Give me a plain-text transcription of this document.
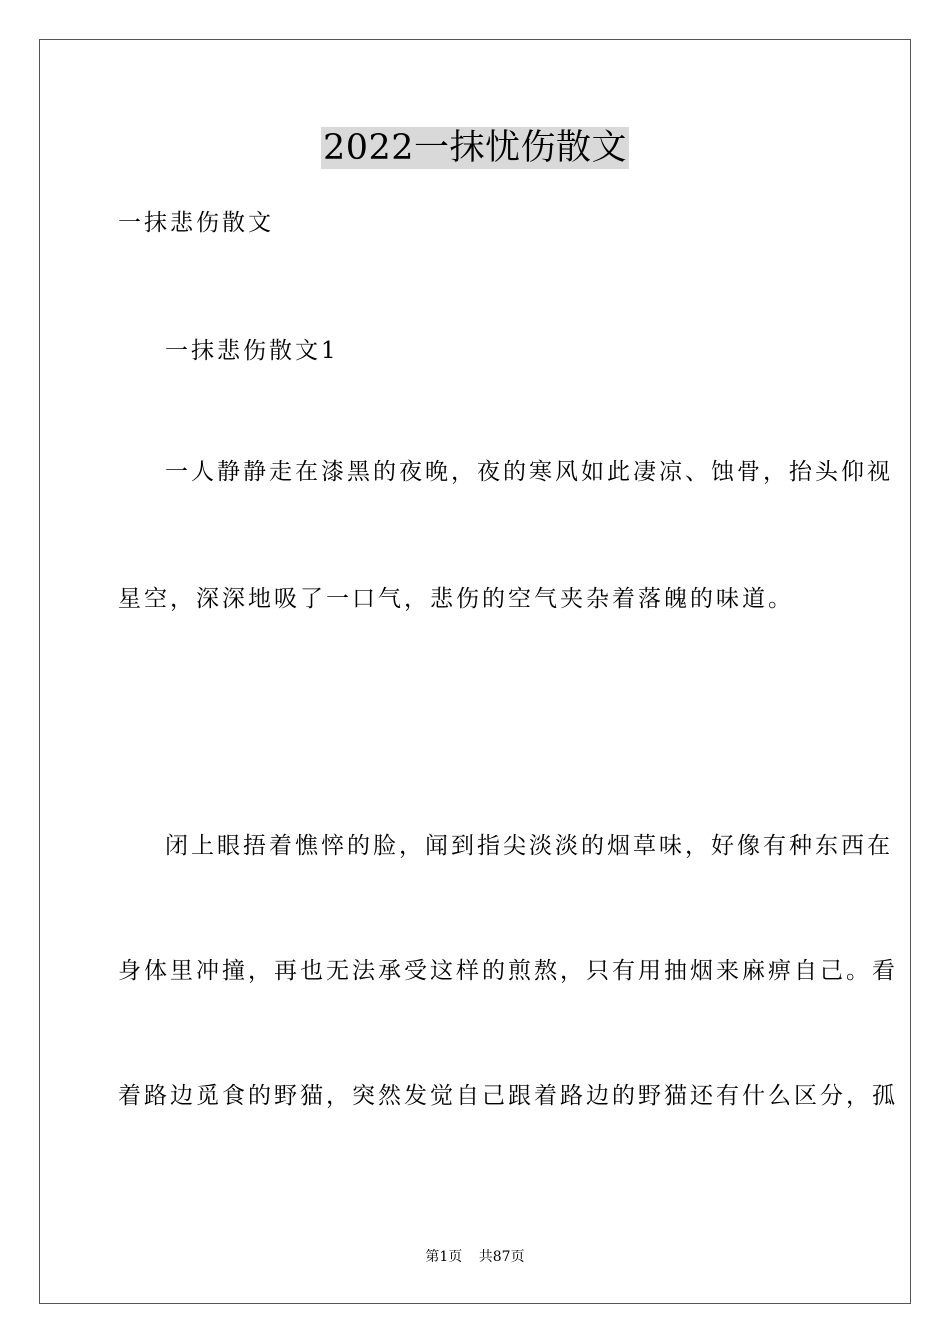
2022一抹忧伤散文
一抹悲伤散文
一抹悲伤散文1
一人静静走在漆黑的夜晚，夜的寒风如此凄凉、蚀骨，抬头仰视
星空，深深地吸了一口气，悲伤的空气夹杂着落魄的味道。
闭上眼捂着憔悴的脸，闻到指尖淡淡的烟草味，好像有种东西在
身体里冲撞，再也无法承受这样的煎熬，只有用抽烟来麻痹自己。看
着路边觅食的野猫，突然发觉自己跟着路边的野猫还有什么区分，孤
第1页 共87页
